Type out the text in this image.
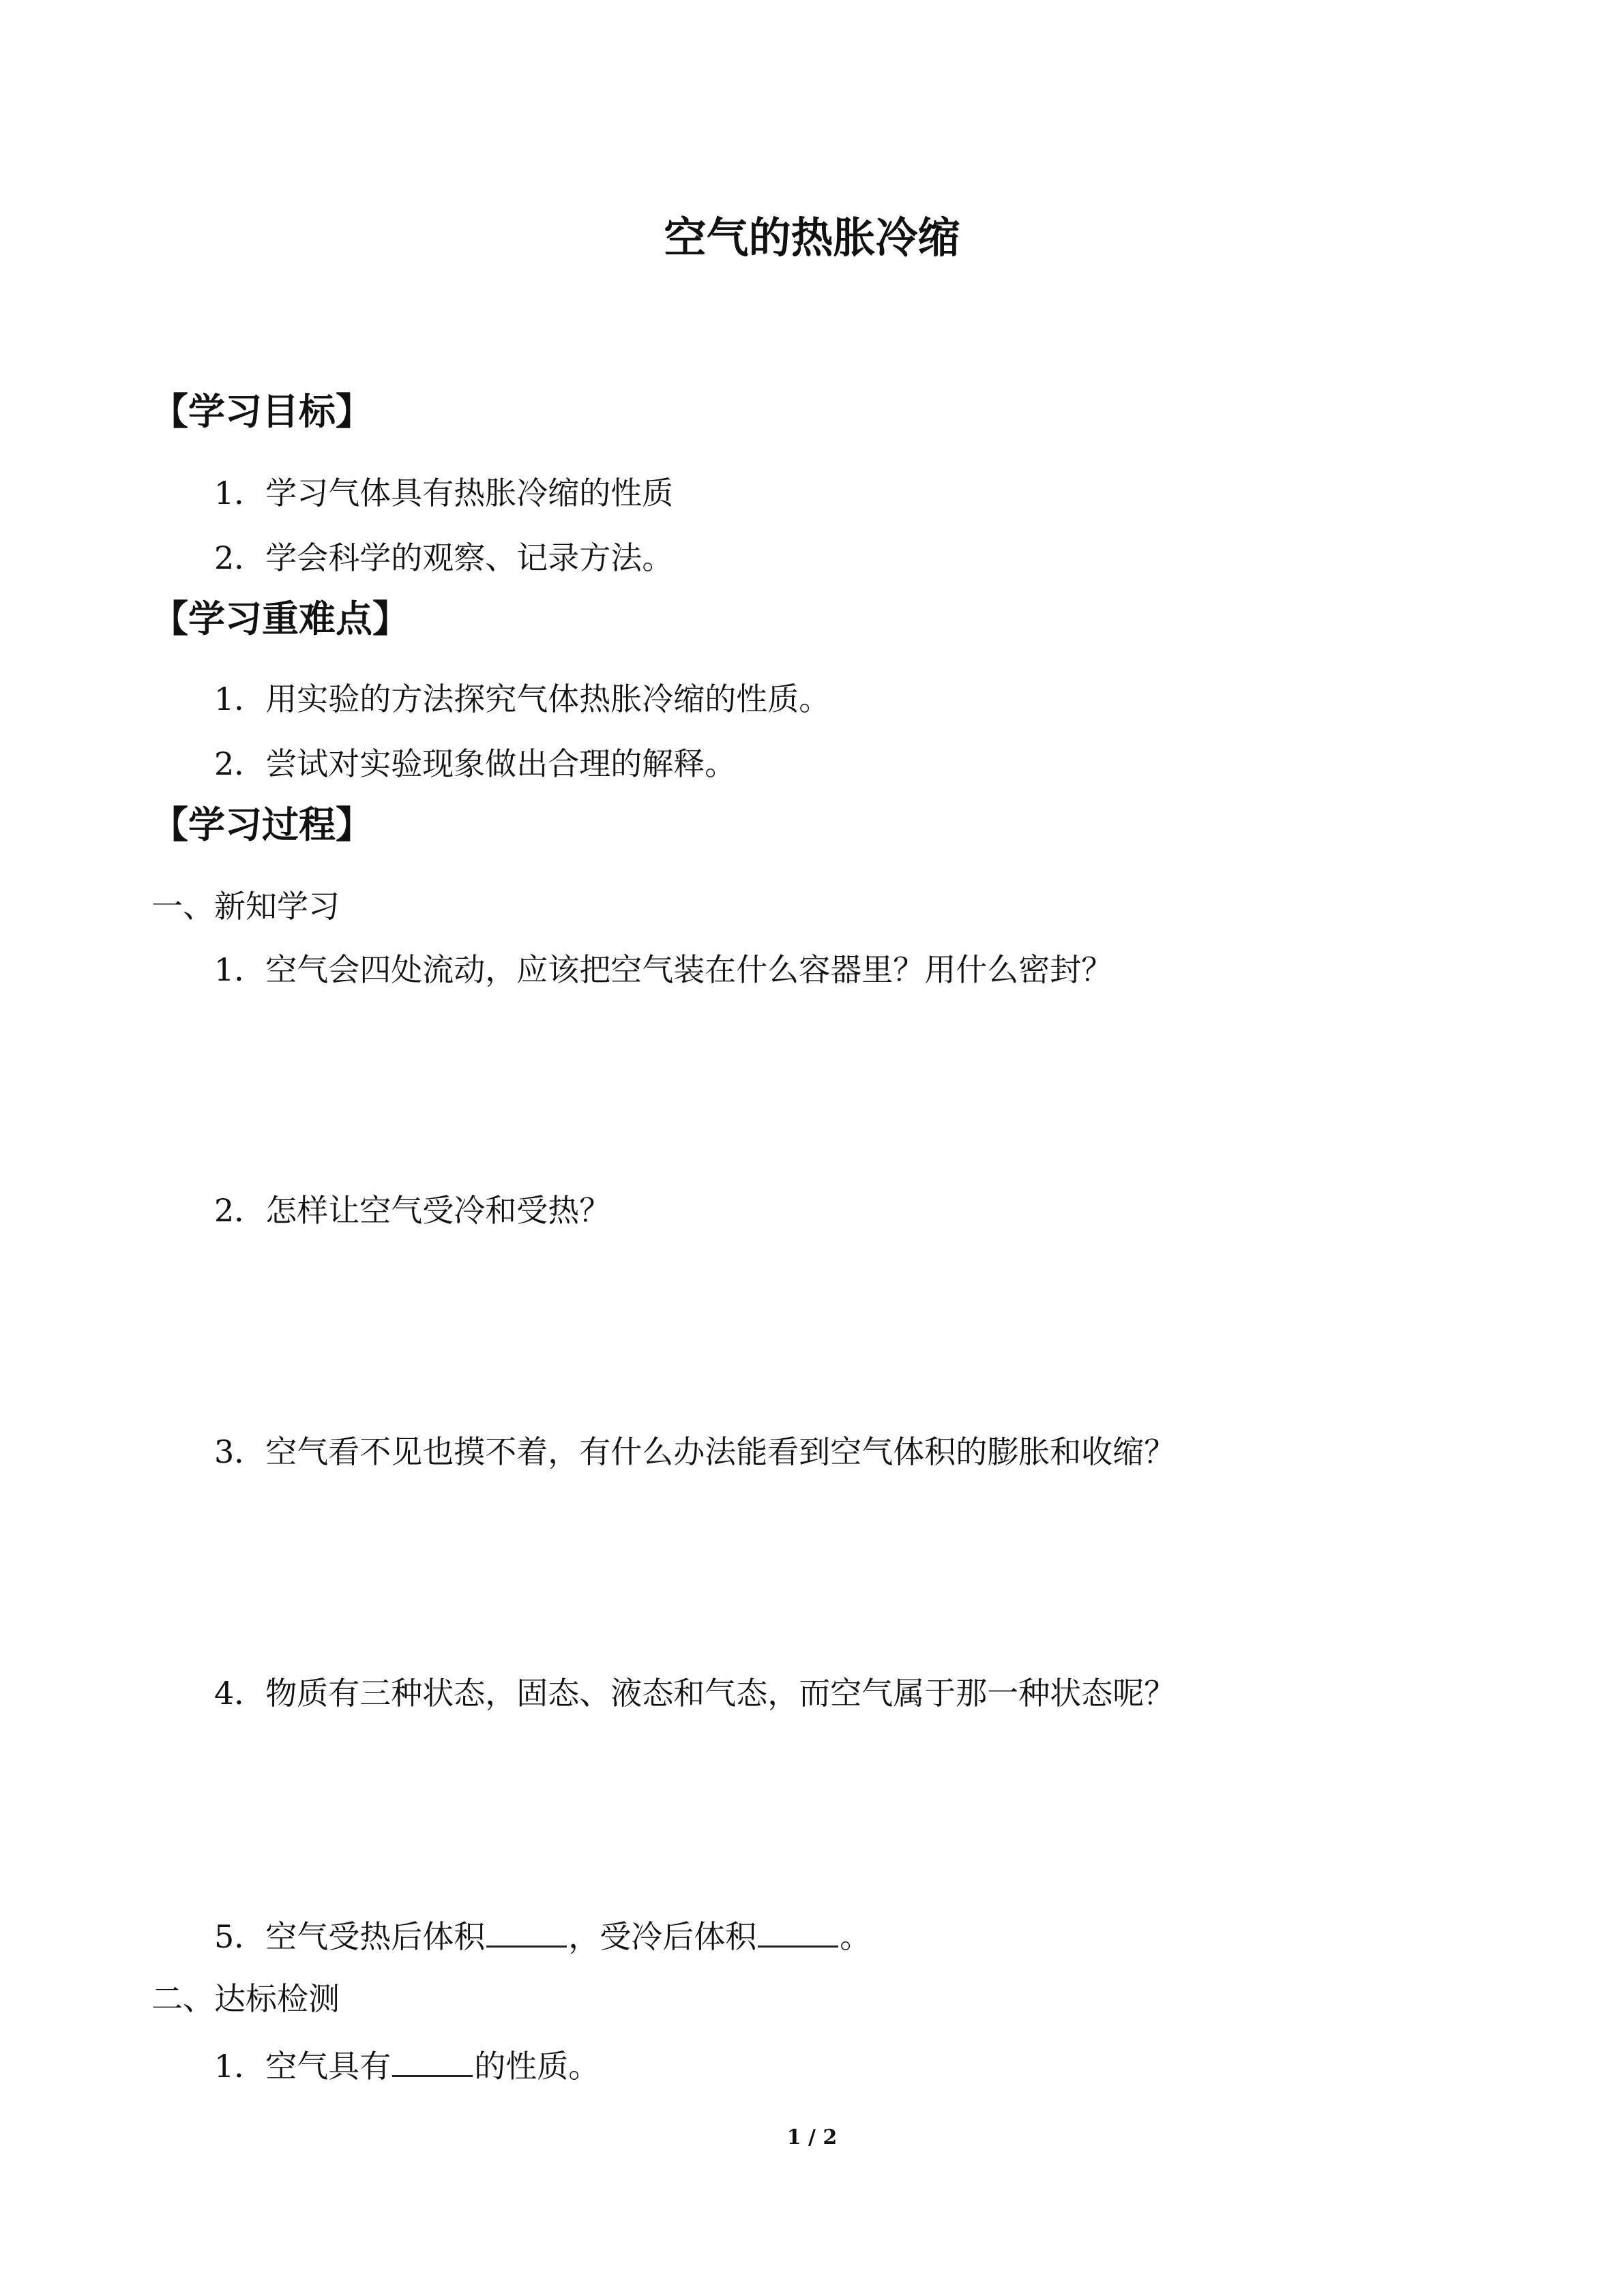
空气的热胀冷缩
【学习目标】
1．学习气体具有热胀冷缩的性质
2．学会科学的观察、记录方法。
【学习重难点】
1．用实验的方法探究气体热胀冷缩的性质。
2．尝试对实验现象做出合理的解释。
【学习过程】
一、新知学习
1．空气会四处流动，应该把空气装在什么容器里？用什么密封？
2．怎样让空气受冷和受热？
3．空气看不见也摸不着，有什么办法能看到空气体积的膨胀和收缩？
4．物质有三种状态，固态、液态和气态，而空气属于那一种状态呢？
5．空气受热后体积	，受冷后体积	。
二、达标检测
1．空气具有	的性质。
1 / 2
